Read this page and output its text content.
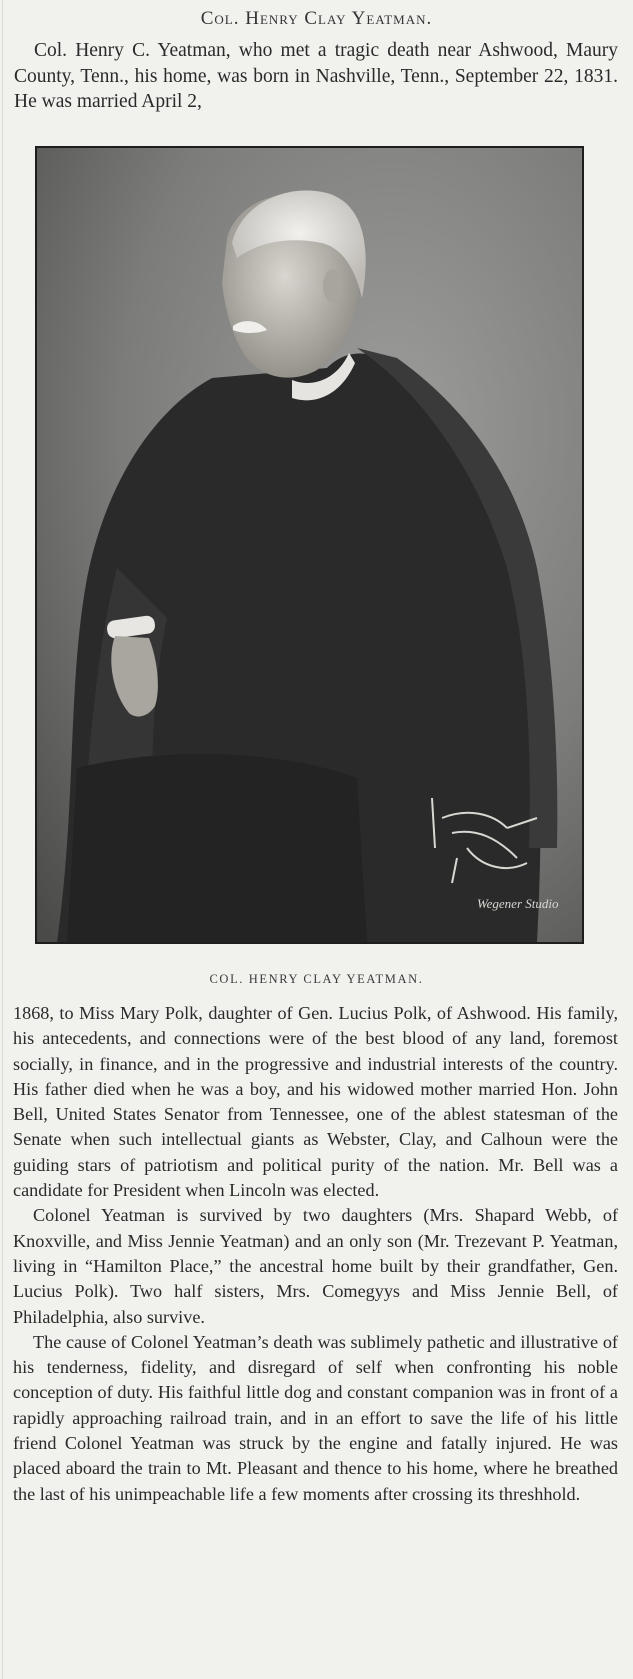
Col. Henry Clay Yeatman.
Col. Henry C. Yeatman, who met a tragic death near Ashwood, Maury County, Tenn., his home, was born in Nashville, Tenn., September 22, 1831. He was married April 2,
Wegener Studio
COL. HENRY CLAY YEATMAN.

1868, to Miss Mary Polk, daughter of Gen. Lucius Polk, of Ashwood. His family, his antecedents, and connections were of the best blood of any land, foremost socially, in finance, and in the progressive and industrial interests of the country. His father died when he was a boy, and his widowed mother married Hon. John Bell, United States Senator from Tennessee, one of the ablest statesman of the Senate when such intellectual giants as Webster, Clay, and Calhoun were the guiding stars of patriotism and political purity of the nation. Mr. Bell was a candidate for President when Lincoln was elected.

Colonel Yeatman is survived by two daughters (Mrs. Shapard Webb, of Knoxville, and Miss Jennie Yeatman) and an only son (Mr. Trezevant P. Yeatman, living in “Hamilton Place,” the ancestral home built by their grandfather, Gen. Lucius Polk). Two half sisters, Mrs. Comegyys and Miss Jennie Bell, of Philadelphia, also survive.

The cause of Colonel Yeatman’s death was sublimely pathetic and illustrative of his tenderness, fidelity, and disregard of self when confronting his noble conception of duty. His faithful little dog and constant companion was in front of a rapidly approaching railroad train, and in an effort to save the life of his little friend Colonel Yeatman was struck by the engine and fatally injured. He was placed aboard the train to Mt. Pleasant and thence to his home, where he breathed the last of his unimpeachable life a few moments after crossing its threshhold.
